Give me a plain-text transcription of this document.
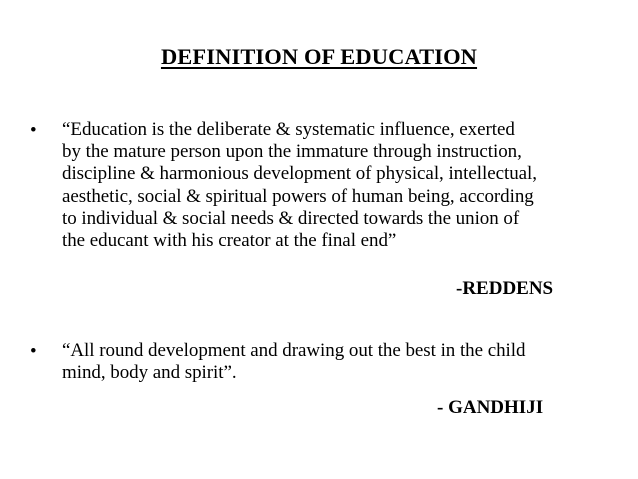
DEFINITION OF EDUCATION
• “Education is the deliberate & systematic influence, exerted
by the mature person upon the immature through instruction,
discipline & harmonious development of physical, intellectual,
aesthetic, social & spiritual powers of human being, according
to individual & social needs & directed towards the union of
the educant with his creator at the final end”
-REDDENS
• “All round development and drawing out the best in the child
mind, body and spirit”.
- GANDHIJI
